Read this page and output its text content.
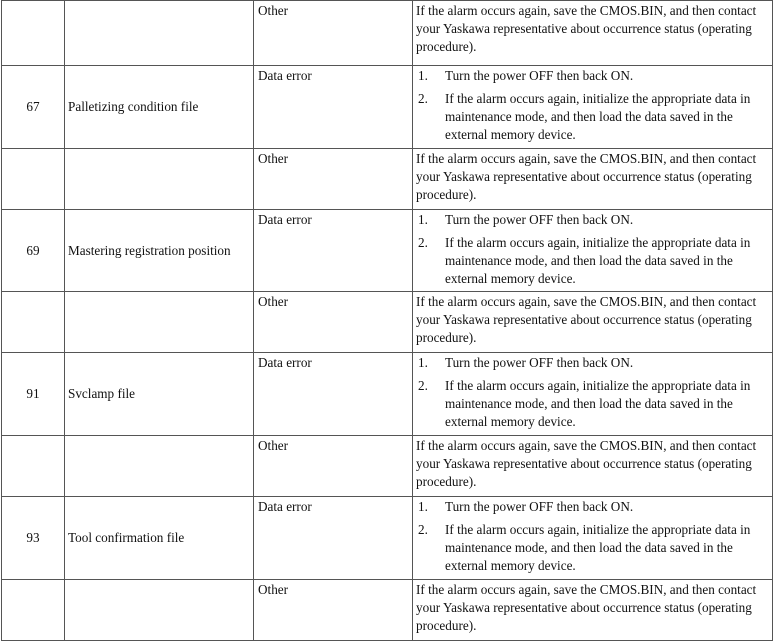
		Other	If the alarm occurs again, save the CMOS.BIN, and then contact your Yaskawa representative about occurrence status (operating procedure).
67	Palletizing condition file	Data error	1. Turn the power OFF then back ON.
2. If the alarm occurs again, initialize the appropriate data in maintenance mode, and then load the data saved in the external memory device.

		Other	If the alarm occurs again, save the CMOS.BIN, and then contact your Yaskawa representative about occurrence status (operating procedure).
69	Mastering registration position	Data error	1. Turn the power OFF then back ON.
2. If the alarm occurs again, initialize the appropriate data in maintenance mode, and then load the data saved in the external memory device.

		Other	If the alarm occurs again, save the CMOS.BIN, and then contact your Yaskawa representative about occurrence status (operating procedure).
91	Svclamp file	Data error	1. Turn the power OFF then back ON.
2. If the alarm occurs again, initialize the appropriate data in maintenance mode, and then load the data saved in the external memory device.

		Other	If the alarm occurs again, save the CMOS.BIN, and then contact your Yaskawa representative about occurrence status (operating procedure).
93	Tool confirmation file	Data error	1. Turn the power OFF then back ON.
2. If the alarm occurs again, initialize the appropriate data in maintenance mode, and then load the data saved in the external memory device.

		Other	If the alarm occurs again, save the CMOS.BIN, and then contact your Yaskawa representative about occurrence status (operating procedure).
